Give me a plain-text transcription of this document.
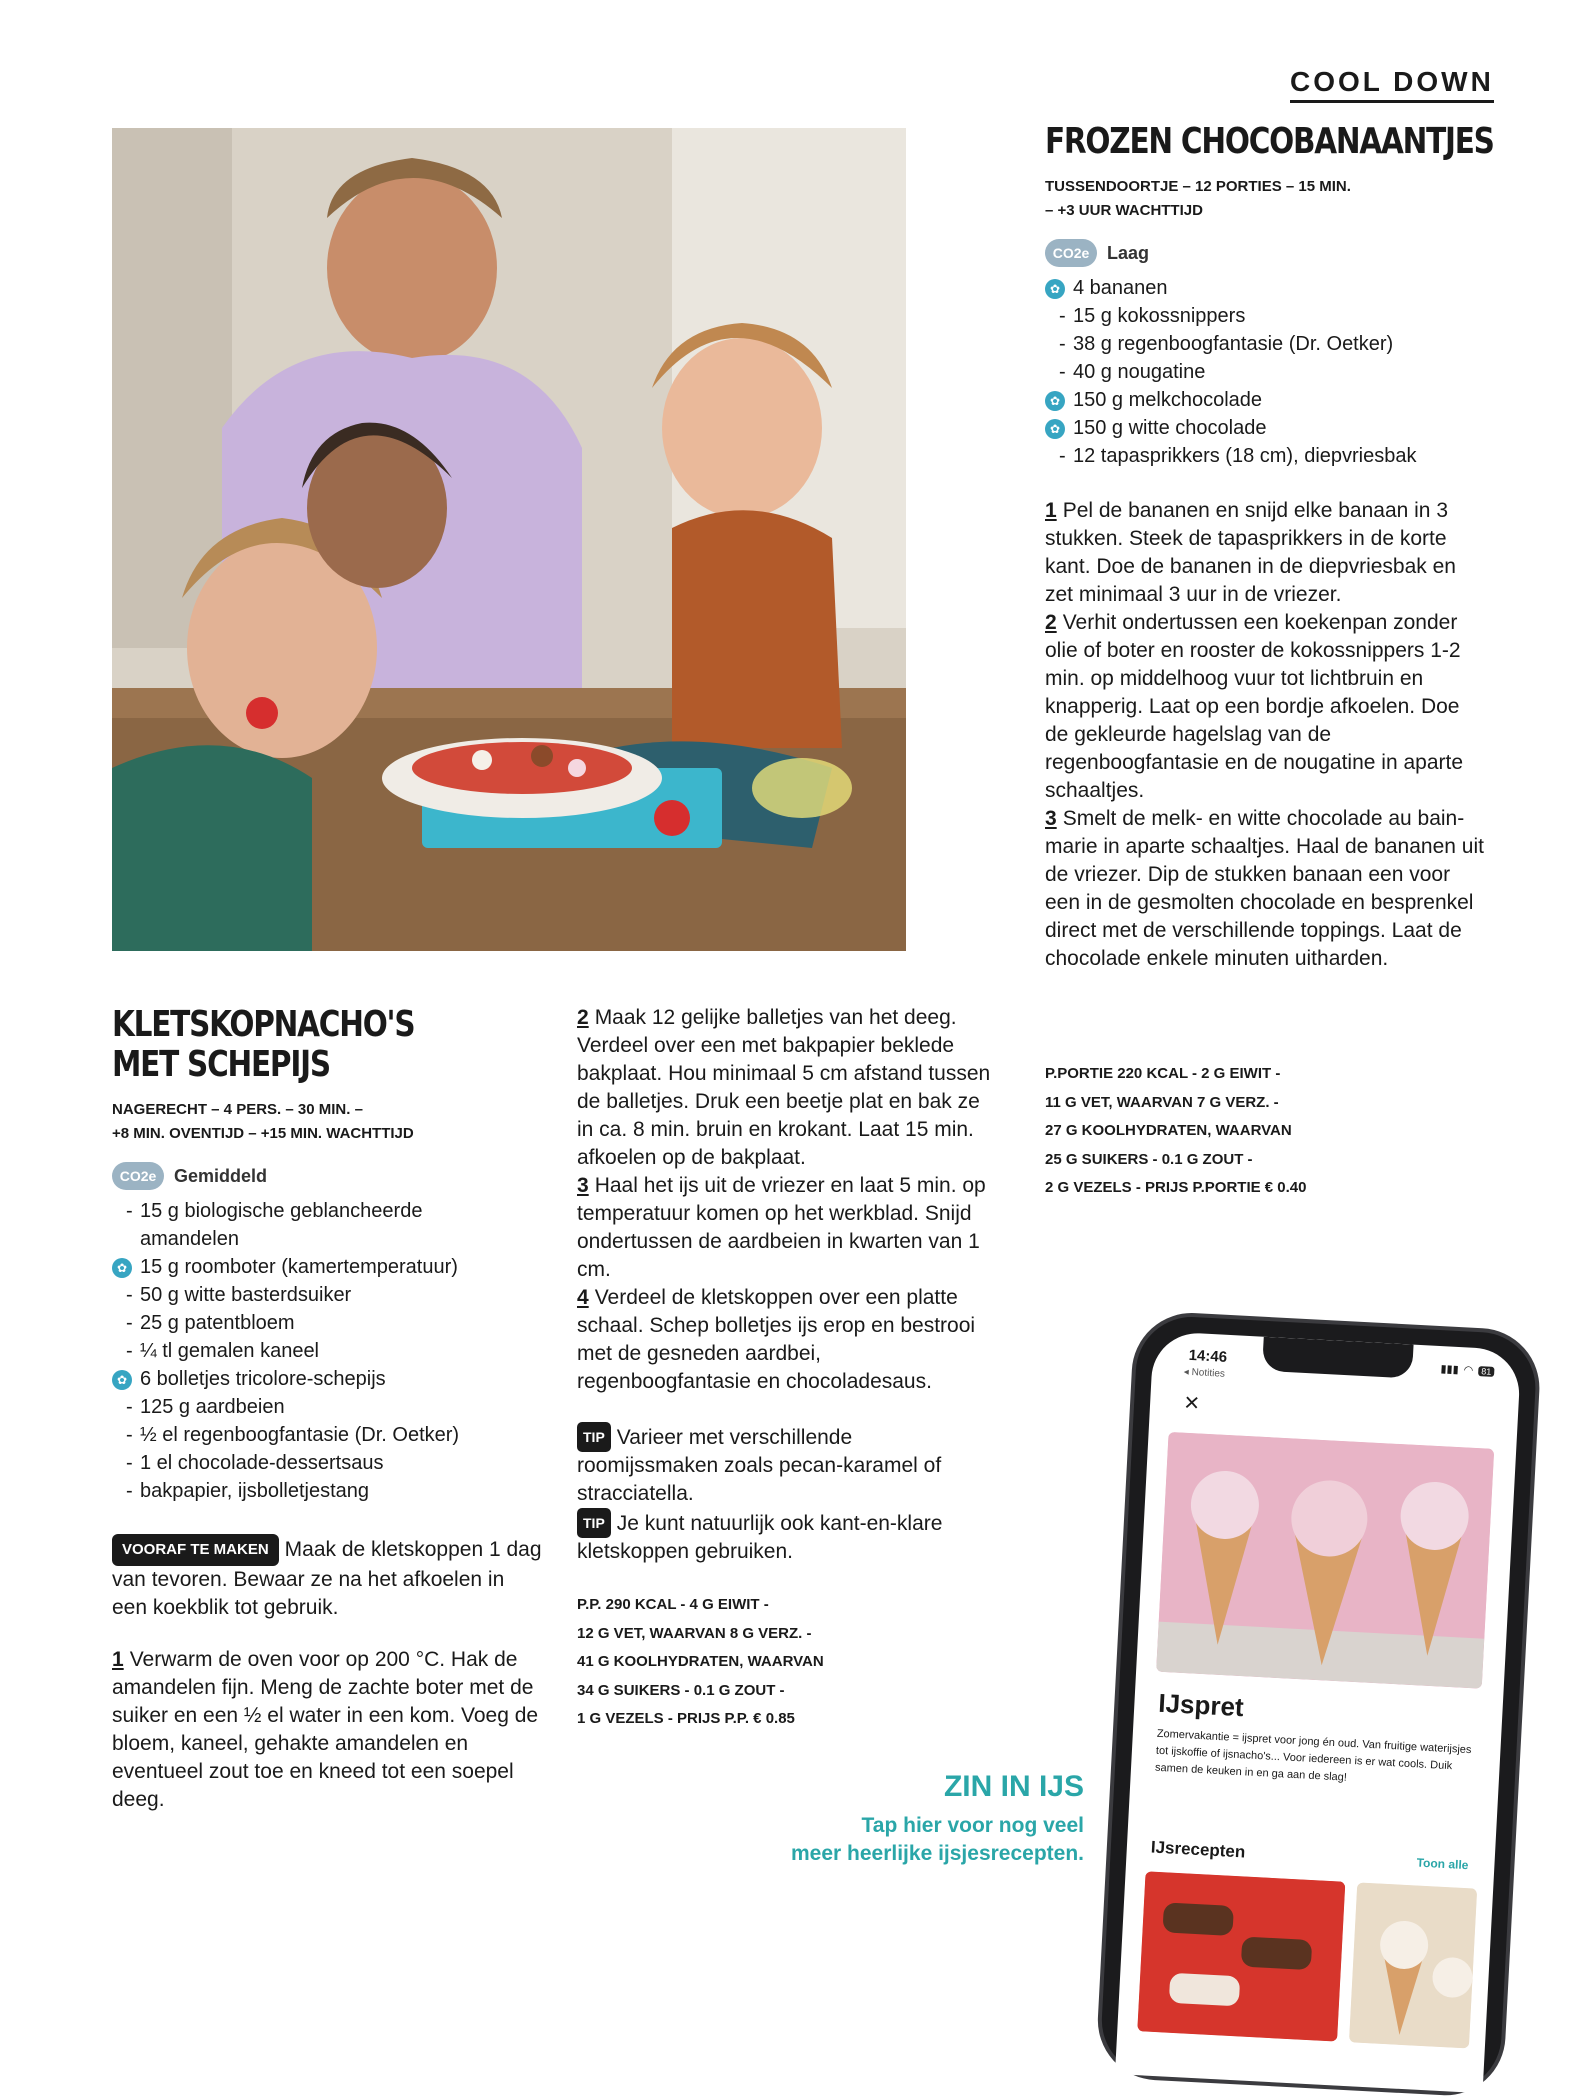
COOL DOWN
FROZEN CHOCOBANAANTJES
TUSSENDOORTJE – 12 PORTIES – 15 MIN.
– +3 UUR WACHTTIJD
CO2e Laag
✿ 4 bananen
- 15 g kokossnippers
- 38 g regenboogfantasie (Dr. Oetker)
- 40 g nougatine
✿ 150 g melkchocolade
✿ 150 g witte chocolade
- 12 tapasprikkers (18 cm), diepvriesbak
1 Pel de bananen en snijd elke banaan in 3 stukken. Steek de tapasprikkers in de korte kant. Doe de bananen in de diepvriesbak en zet minimaal 3 uur in de vriezer.
2 Verhit ondertussen een koekenpan zonder olie of boter en rooster de kokossnippers 1-2 min. op middelhoog vuur tot lichtbruin en knapperig. Laat op een bordje afkoelen. Doe de gekleurde hagelslag van de regenboogfantasie en de nougatine in aparte schaaltjes.
3 Smelt de melk- en witte chocolade au bain-marie in aparte schaaltjes. Haal de bananen uit de vriezer. Dip de stukken banaan een voor een in de gesmolten chocolade en besprenkel direct met de verschillende toppings. Laat de chocolade enkele minuten uitharden.
P.PORTIE 220 KCAL - 2 G EIWIT -
11 G VET, WAARVAN 7 G VERZ. -
27 G KOOLHYDRATEN, WAARVAN
25 G SUIKERS - 0.1 G ZOUT -
2 G VEZELS - PRIJS P.PORTIE € 0.40
KLETSKOPNACHO'S
MET SCHEPIJS
NAGERECHT – 4 PERS. – 30 MIN. –
+8 MIN. OVENTIJD – +15 MIN. WACHTTIJD
CO2e Gemiddeld
- 15 g biologische geblancheerde amandelen
✿ 15 g roomboter (kamertemperatuur)
- 50 g witte basterdsuiker
- 25 g patentbloem
- ¼ tl gemalen kaneel
✿ 6 bolletjes tricolore-schepijs
- 125 g aardbeien
- ½ el regenboogfantasie (Dr. Oetker)
- 1 el chocolade-dessertsaus
- bakpapier, ijsbolletjestang
VOORAF TE MAKEN Maak de kletskoppen 1 dag van tevoren. Bewaar ze na het afkoelen in een koekblik tot gebruik.
1 Verwarm de oven voor op 200 °C. Hak de amandelen fijn. Meng de zachte boter met de suiker en een ½ el water in een kom. Voeg de bloem, kaneel, gehakte amandelen en eventueel zout toe en kneed tot een soepel deeg.
2 Maak 12 gelijke balletjes van het deeg. Verdeel over een met bakpapier beklede bakplaat. Hou minimaal 5 cm afstand tussen de balletjes. Druk een beetje plat en bak ze in ca. 8 min. bruin en krokant. Laat 15 min. afkoelen op de bakplaat.
3 Haal het ijs uit de vriezer en laat 5 min. op temperatuur komen op het werkblad. Snijd ondertussen de aardbeien in kwarten van 1 cm.
4 Verdeel de kletskoppen over een platte schaal. Schep bolletjes ijs erop en bestrooi met de gesneden aardbei, regenboogfantasie en chocoladesaus.
TIP Varieer met verschillende roomijssmaken zoals pecan-karamel of stracciatella.
TIP Je kunt natuurlijk ook kant-en-klare kletskoppen gebruiken.
P.P. 290 KCAL - 4 G EIWIT -
12 G VET, WAARVAN 8 G VERZ. -
41 G KOOLHYDRATEN, WAARVAN
34 G SUIKERS - 0.1 G ZOUT -
1 G VEZELS - PRIJS P.P. € 0.85
ZIN IN IJS
Tap hier voor nog veel
meer heerlijke ijsjesrecepten.
14:46
◂ Notities	▮▮▮ ◠ 81
×
IJspret
Zomervakantie = ijspret voor jong én oud. Van fruitige waterijsjes tot ijskoffie of ijsnacho's... Voor iedereen is er wat cools. Duik samen de keuken in en ga aan de slag!
IJsrecepten
Toon alle
